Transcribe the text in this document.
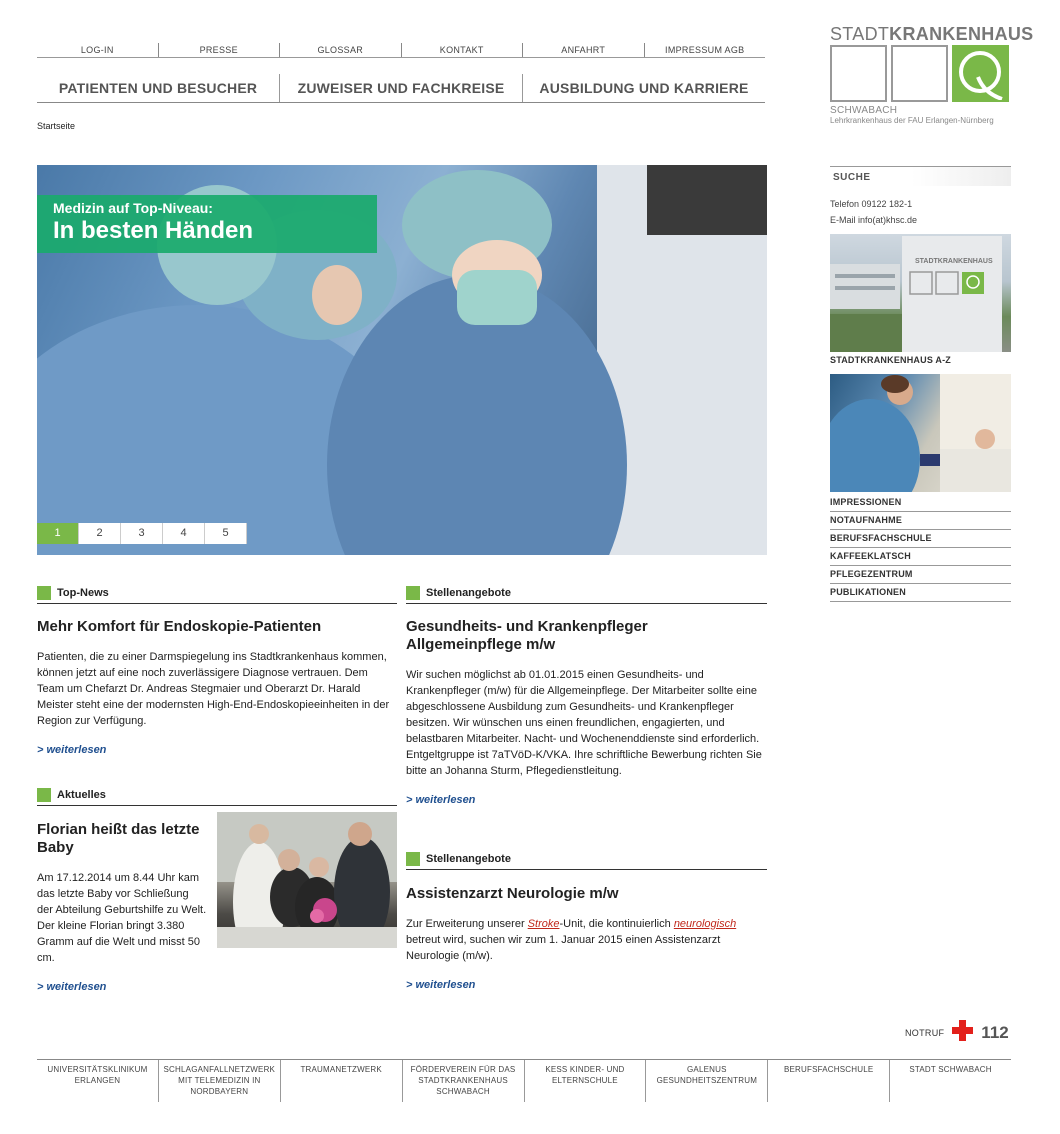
LOG-IN	PRESSE	GLOSSAR	KONTAKT	ANFAHRT	IMPRESSUM AGB
PATIENTEN UND BESUCHER	ZUWEISER UND FACHKREISE	AUSBILDUNG UND KARRIERE
Startseite
STADTKRANKENHAUS
SCHWABACH
Lehrkrankenhaus der FAU Erlangen-Nürnberg
Medizin auf Top-Niveau:
In besten Händen
1	2	3	4	5
Top-News
Mehr Komfort für Endoskopie-Patienten
Patienten, die zu einer Darmspiegelung ins Stadtkrankenhaus kommen, können jetzt auf eine noch zuverlässigere Diagnose vertrauen. Dem Team um Chefarzt Dr. Andreas Stegmaier und Oberarzt Dr. Harald Meister steht eine der modernsten High-End-Endoskopieeinheiten in der Region zur Verfügung.
> weiterlesen
Aktuelles
Florian heißt das letzte Baby
Am 17.12.2014 um 8.44 Uhr kam das letzte Baby vor Schließung der Abteilung Geburtshilfe zu Welt. Der kleine Florian bringt 3.380 Gramm auf die Welt und misst 50 cm.
> weiterlesen
Stellenangebote
Gesundheits- und Krankenpfleger Allgemeinpflege m/w
Wir suchen möglichst ab 01.01.2015 einen Gesundheits- und Krankenpfleger (m/w) für die Allgemeinpflege. Der Mitarbeiter sollte eine abgeschlossene Ausbildung zum Gesundheits- und Krankenpfleger besitzen. Wir wünschen uns einen freundlichen, engagierten, und belastbaren Mitarbeiter. Nacht- und Wochenenddienste sind erforderlich. Entgeltgruppe ist 7aTVöD-K/VKA. Ihre schriftliche Bewerbung richten Sie bitte an Johanna Sturm, Pflegedienstleitung.
> weiterlesen
Stellenangebote
Assistenzarzt Neurologie m/w
Zur Erweiterung unserer Stroke-Unit, die kontinuierlich neurologisch betreut wird, suchen wir zum 1. Januar 2015 einen Assistenzarzt Neurologie (m/w).
> weiterlesen
SUCHE
Telefon 09122 182-1
E-Mail info(at)khsc.de
STADTKRANKENHAUS
STADTKRANKENHAUS A-Z
IMPRESSIONEN
NOTAUFNAHME
BERUFSFACHSCHULE
KAFFEEKLATSCH
PFLEGEZENTRUM
PUBLIKATIONEN
NOTRUF 112
UNIVERSITÄTSKLINIKUM ERLANGEN
SCHLAGANFALLNETZWERK MIT TELEMEDIZIN IN NORDBAYERN
TRAUMANETZWERK	FÖRDERVEREIN FÜR DAS STADTKRANKENHAUS SCHWABACH
KESS KINDER- UND ELTERNSCHULE
GALENUS GESUNDHEITSZENTRUM
BERUFSFACHSCHULE	STADT SCHWABACH
